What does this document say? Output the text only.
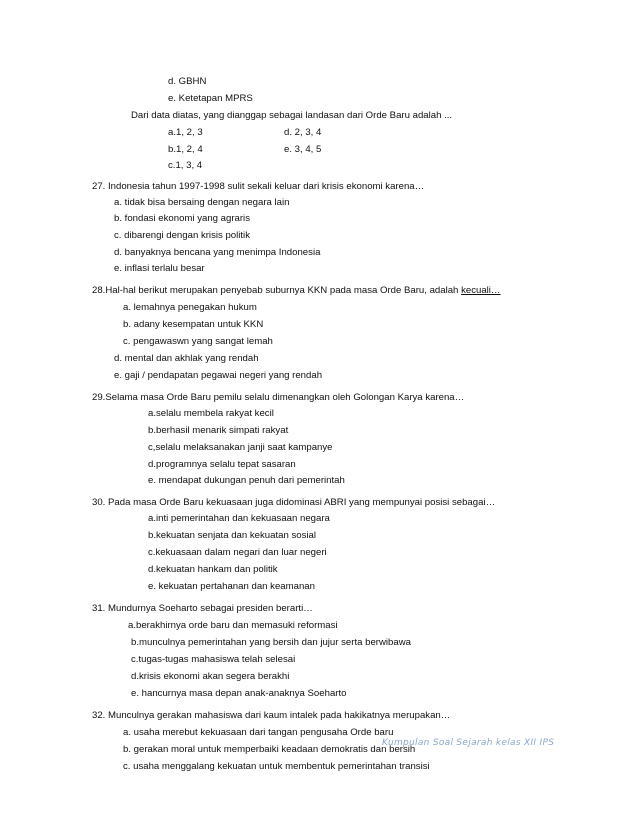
d. GBHN
e. Ketetapan MPRS
Dari data diatas, yang dianggap sebagai landasan dari Orde Baru adalah ...
a.1, 2, 3	d. 2, 3, 4
b.1, 2, 4	e. 3, 4, 5
c.1, 3, 4
27. Indonesia tahun 1997-1998 sulit sekali keluar dari krisis ekonomi karena…
a. tidak bisa bersaing dengan negara lain
b. fondasi ekonomi yang agraris
c. dibarengi dengan krisis politik
d. banyaknya bencana yang menimpa Indonesia
e. inflasi terlalu besar
28.Hal-hal berikut merupakan penyebab suburnya KKN pada masa Orde Baru, adalah kecuali…
a. lemahnya penegakan hukum
b. adany kesempatan untuk KKN
c. pengawaswn yang sangat lemah
d. mental dan akhlak yang rendah
e. gaji / pendapatan pegawai negeri yang rendah
29.Selama masa Orde Baru pemilu selalu dimenangkan oleh Golongan Karya karena…
a.selalu membela rakyat kecil
b.berhasil menarik simpati rakyat
c,selalu melaksanakan janji saat kampanye
d.programnya selalu tepat sasaran
e. mendapat dukungan penuh dari pemerintah
30. Pada masa Orde Baru kekuasaan juga didominasi ABRI yang mempunyai posisi sebagai…
a.inti pemerintahan dan kekuasaan negara
b.kekuatan senjata dan kekuatan sosial
c.kekuasaan dalam negari dan luar negeri
d.kekuatan hankam dan politik
e. kekuatan pertahanan dan keamanan
31. Mundurnya Soeharto sebagai presiden berarti…
a.berakhirnya orde baru dan memasuki reformasi
b.munculnya pemerintahan yang bersih dan jujur serta berwibawa
c.tugas-tugas mahasiswa telah selesai
d.krisis ekonomi akan segera berakhi
e. hancurnya masa depan anak-anaknya Soeharto
32. Munculnya gerakan mahasiswa dari kaum intalek pada hakikatnya merupakan…
a. usaha merebut kekuasaan dari tangan pengusaha Orde baru
b. gerakan moral untuk memperbaiki keadaan demokratis dan bersih
c. usaha menggalang kekuatan untuk membentuk pemerintahan transisi
Kumpulan Soal Sejarah kelas XII IPS
